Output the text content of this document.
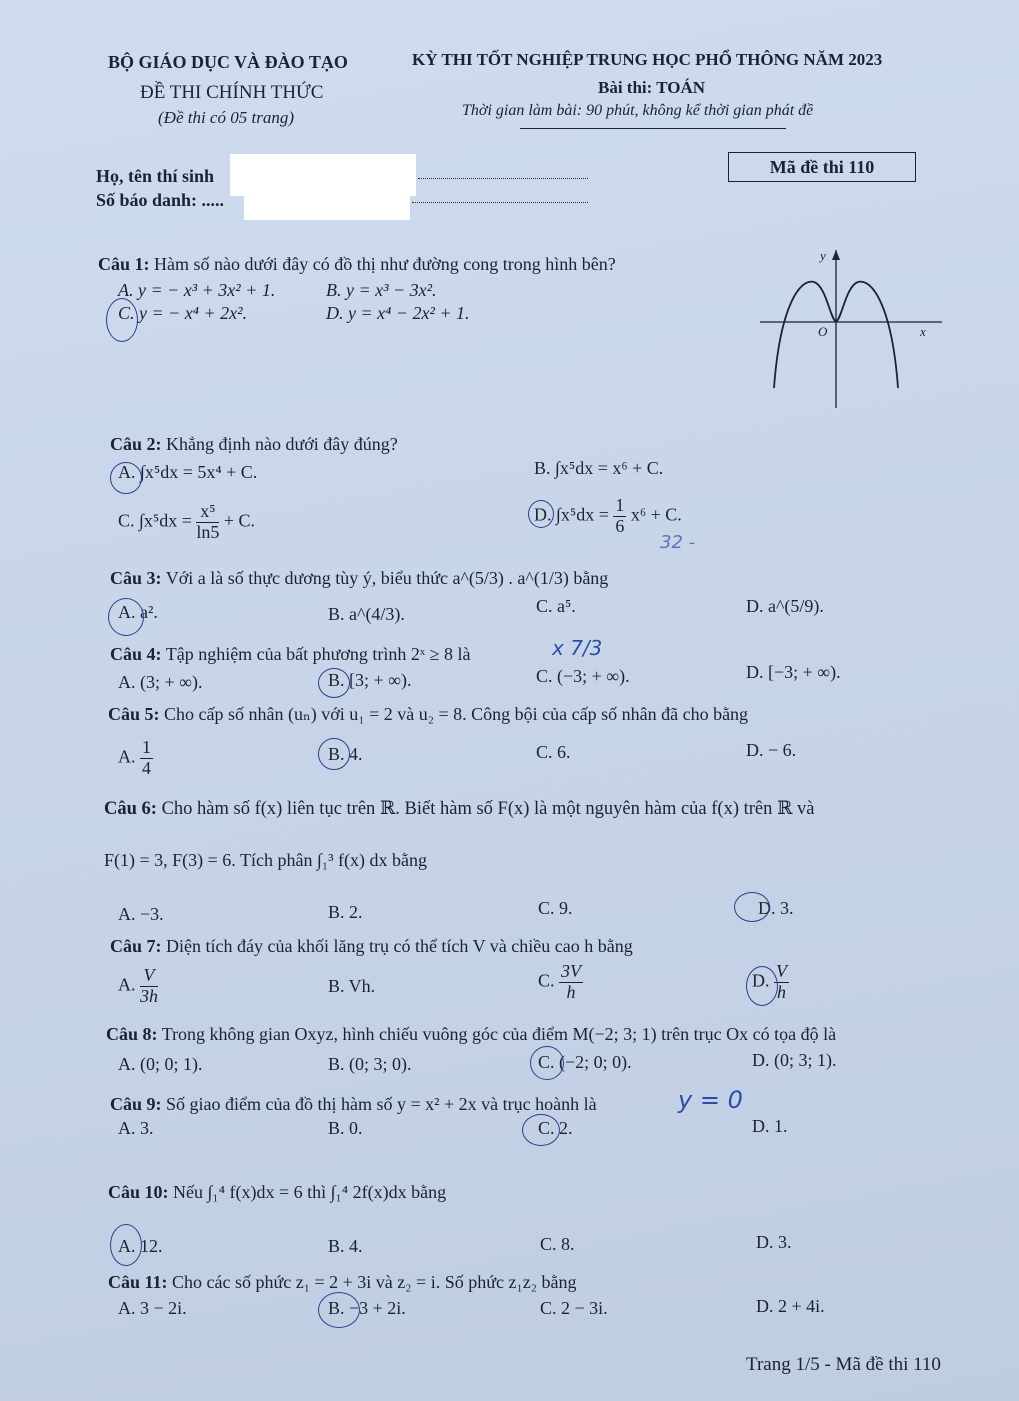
BỘ GIÁO DỤC VÀ ĐÀO TẠO
ĐỀ THI CHÍNH THỨC
(Đề thi có 05 trang)
KỲ THI TỐT NGHIỆP TRUNG HỌC PHỔ THÔNG NĂM 2023
Bài thi: TOÁN
Thời gian làm bài: 90 phút, không kể thời gian phát đề
Họ, tên thí sinh
Số báo danh: .....
Mã đề thi 110
Câu 1: Hàm số nào dưới đây có đồ thị như đường cong trong hình bên?
A. y = − x³ + 3x² + 1.	B. y = x³ − 3x².
C. y = − x⁴ + 2x².	D. y = x⁴ − 2x² + 1.
y
x
O
Câu 2: Khẳng định nào dưới đây đúng?
A. ∫x⁵dx = 5x⁴ + C.	B. ∫x⁵dx = x⁶ + C.
C. $\int x^5dx = \frac{\text{x⁵}}{\ln 5} + C$.	D. $\int x^5dx = \frac{1}{6} x^6 + C$.
32 -
Câu 3: Với a là số thực dương tùy ý, biểu thức a^(5/3) . a^(1/3) bằng
A. a².	B. a^(4/3).	C. a⁵.	D. a^(5/9).
Câu 4: Tập nghiệm của bất phương trình 2ˣ ≥ 8 là	x 7/3
A. (3; + ∞).	B. [3; + ∞).	C. (−3; + ∞).	D. [−3; + ∞).
Câu 5: Cho cấp số nhân (uₙ) với u₁ = 2 và u₂ = 8. Công bội của cấp số nhân đã cho bằng
A. $\frac{1}{4}$	B. 4.	C. 6.	D. − 6.
Câu 6: Cho hàm số f(x) liên tục trên ℝ. Biết hàm số F(x) là một nguyên hàm của f(x) trên ℝ và
F(1) = 3, F(3) = 6. Tích phân ∫₁³ f(x) dx bằng
A. −3.	B. 2.	C. 9.	D. 3.
Câu 7: Diện tích đáy của khối lăng trụ có thể tích V và chiều cao h bằng
A. $\frac{V}{3h}$	B. Vh.	C. $\frac{3V}{h}$	D. $\frac{V}{h}$
Câu 8: Trong không gian Oxyz, hình chiếu vuông góc của điểm M(−2; 3; 1) trên trục Ox có tọa độ là
A. (0; 0; 1).	B. (0; 3; 0).	C. (−2; 0; 0).	D. (0; 3; 1).
Câu 9: Số giao điểm của đồ thị hàm số y = x² + 2x và trục hoành là	y = 0
A. 3.	B. 0.	C. 2.	D. 1.
Câu 10: Nếu ∫₁⁴ f(x)dx = 6 thì ∫₁⁴ 2f(x)dx bằng
A. 12.	B. 4.	C. 8.	D. 3.
Câu 11: Cho các số phức z₁ = 2 + 3i và z₂ = i. Số phức z₁z₂ bằng
A. 3 − 2i.	B. −3 + 2i.	C. 2 − 3i.	D. 2 + 4i.
Trang 1/5 - Mã đề thi 110
